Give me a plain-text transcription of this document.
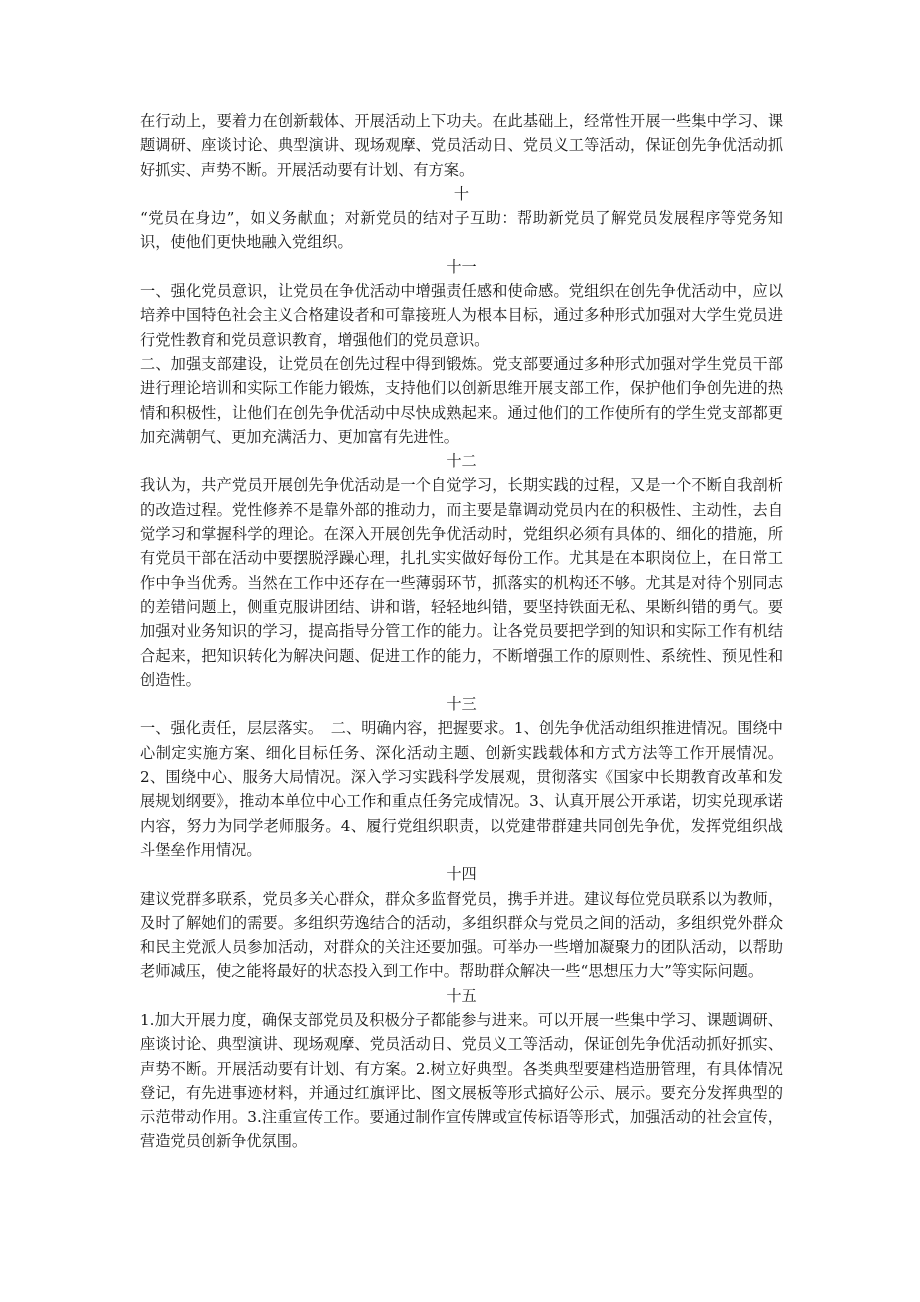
在行动上，要着力在创新载体、开展活动上下功夫。在此基础上，经常性开展一些集中学习、课题调研、座谈讨论、典型演讲、现场观摩、党员活动日、党员义工等活动，保证创先争优活动抓好抓实、声势不断。开展活动要有计划、有方案。

十

“党员在身边”，如义务献血；对新党员的结对子互助：帮助新党员了解党员发展程序等党务知识，使他们更快地融入党组织。

十一

一、强化党员意识，让党员在争优活动中增强责任感和使命感。党组织在创先争优活动中，应以培养中国特色社会主义合格建设者和可靠接班人为根本目标，通过多种形式加强对大学生党员进行党性教育和党员意识教育，增强他们的党员意识。

二、加强支部建设，让党员在创先过程中得到锻炼。党支部要通过多种形式加强对学生党员干部进行理论培训和实际工作能力锻炼，支持他们以创新思维开展支部工作，保护他们争创先进的热情和积极性，让他们在创先争优活动中尽快成熟起来。通过他们的工作使所有的学生党支部都更加充满朝气、更加充满活力、更加富有先进性。

十二

我认为，共产党员开展创先争优活动是一个自觉学习，长期实践的过程，又是一个不断自我剖析的改造过程。党性修养不是靠外部的推动力，而主要是靠调动党员内在的积极性、主动性，去自觉学习和掌握科学的理论。在深入开展创先争优活动时，党组织必须有具体的、细化的措施，所有党员干部在活动中要摆脱浮躁心理，扎扎实实做好每份工作。尤其是在本职岗位上，在日常工作中争当优秀。当然在工作中还存在一些薄弱环节，抓落实的机构还不够。尤其是对待个别同志的差错问题上，侧重克服讲团结、讲和谐，轻轻地纠错，要坚持铁面无私、果断纠错的勇气。要加强对业务知识的学习，提高指导分管工作的能力。让各党员要把学到的知识和实际工作有机结合起来，把知识转化为解决问题、促进工作的能力，不断增强工作的原则性、系统性、预见性和创造性。

十三

一、强化责任，层层落实。　二、明确内容，把握要求。1、创先争优活动组织推进情况。围绕中心制定实施方案、细化目标任务、深化活动主题、创新实践载体和方式方法等工作开展情况。2、围绕中心、服务大局情况。深入学习实践科学发展观，贯彻落实《国家中长期教育改革和发展规划纲要》，推动本单位中心工作和重点任务完成情况。3、认真开展公开承诺，切实兑现承诺内容，努力为同学老师服务。4、履行党组织职责，以党建带群建共同创先争优，发挥党组织战斗堡垒作用情况。

十四

建议党群多联系，党员多关心群众，群众多监督党员，携手并进。建议每位党员联系以为教师，及时了解她们的需要。多组织劳逸结合的活动，多组织群众与党员之间的活动，多组织党外群众和民主党派人员参加活动，对群众的关注还要加强。可举办一些增加凝聚力的团队活动，以帮助老师减压，使之能将最好的状态投入到工作中。帮助群众解决一些“思想压力大”等实际问题。

十五

1.加大开展力度，确保支部党员及积极分子都能参与进来。可以开展一些集中学习、课题调研、座谈讨论、典型演讲、现场观摩、党员活动日、党员义工等活动，保证创先争优活动抓好抓实、声势不断。开展活动要有计划、有方案。2.树立好典型。各类典型要建档造册管理，有具体情况登记，有先进事迹材料，并通过红旗评比、图文展板等形式搞好公示、展示。要充分发挥典型的示范带动作用。3.注重宣传工作。要通过制作宣传牌或宣传标语等形式，加强活动的社会宣传，营造党员创新争优氛围。
